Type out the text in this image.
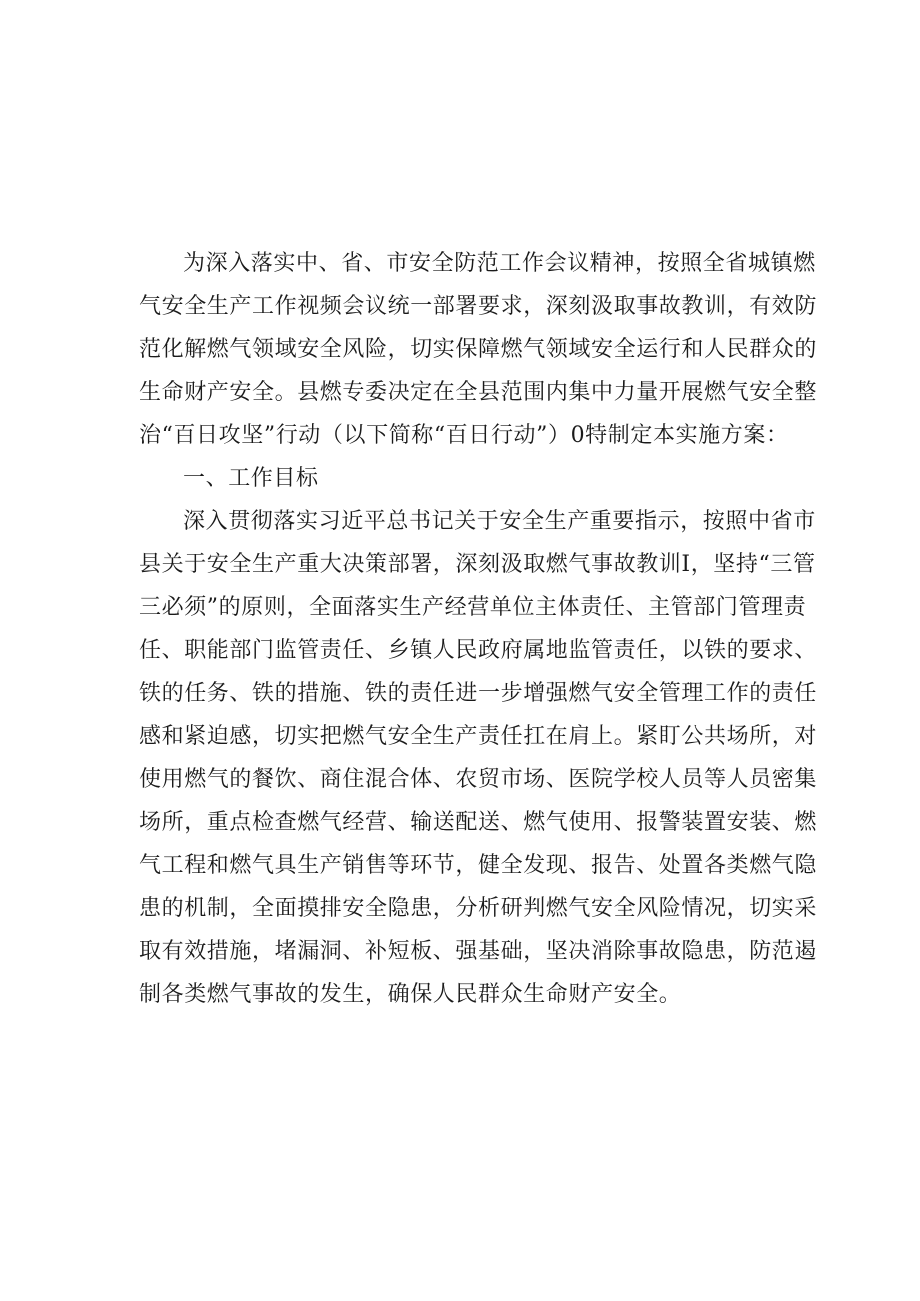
为深入落实中、省、市安全防范工作会议精神，按照全省城镇燃
气安全生产工作视频会议统一部署要求，深刻汲取事故教训，有效防
范化解燃气领域安全风险，切实保障燃气领域安全运行和人民群众的
生命财产安全。县燃专委决定在全县范围内集中力量开展燃气安全整
治“百日攻坚”行动（以下简称“百日行动”）0特制定本实施方案：
一、工作目标
深入贯彻落实习近平总书记关于安全生产重要指示，按照中省市
县关于安全生产重大决策部署，深刻汲取燃气事故教训I，坚持“三管
三必须”的原则，全面落实生产经营单位主体责任、主管部门管理责
任、职能部门监管责任、乡镇人民政府属地监管责任，以铁的要求、
铁的任务、铁的措施、铁的责任进一步增强燃气安全管理工作的责任
感和紧迫感，切实把燃气安全生产责任扛在肩上。紧盯公共场所，对
使用燃气的餐饮、商住混合体、农贸市场、医院学校人员等人员密集
场所，重点检查燃气经营、输送配送、燃气使用、报警装置安装、燃
气工程和燃气具生产销售等环节，健全发现、报告、处置各类燃气隐
患的机制，全面摸排安全隐患，分析研判燃气安全风险情况，切实采
取有效措施，堵漏洞、补短板、强基础，坚决消除事故隐患，防范遏
制各类燃气事故的发生，确保人民群众生命财产安全。
